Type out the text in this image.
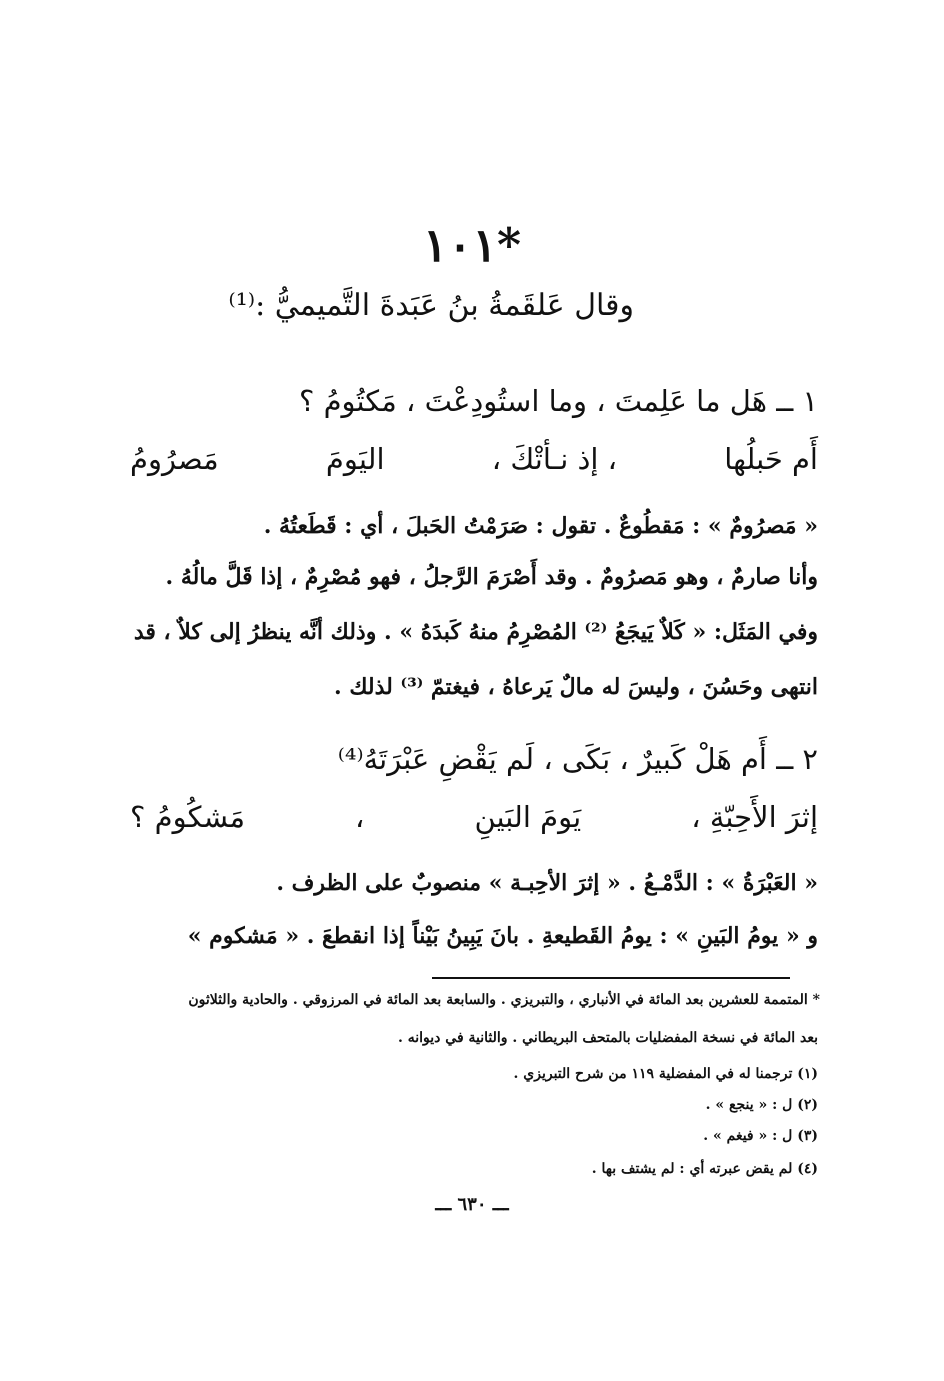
١٠١*
وقال عَلقَمةُ بنُ عَبَدةَ التَّميميُّ :⁽¹⁾
١ ــ هَل ما عَلِمتَ ، وما استُودِعْتَ ، مَكتُومُ ؟
أَم حَبلُها
، إذ نـأتْكَ ،
اليَومَ
مَصرُومُ
« مَصرُومٌ » : مَقطُوعٌ . تقول : صَرَمْتُ الحَبلَ ، أي : قَطَعتُهُ .
وأنا صارمٌ ، وهو مَصرُومٌ . وقد أَصْرَمَ الرَّجلُ ، فهو مُصْرِمٌ ، إذا قَلَّ مالُهُ .
وفي المَثَل: « كَلاٌ يَيجَعُ ⁽²⁾ المُصْرِمُ منهُ كَبدَهُ » . وذلك أنَّه ينظرُ إلى كلاٌ ، قد
انتهى وحَسُنَ ، وليسَ له مالٌ يَرعاهُ ، فيغتمّ ⁽³⁾ لذلك .
٢ ــ أَم هَلْ كَبيرٌ ، بَكَى ، لَم يَقْضِ عَبْرَتَهُ⁽⁴⁾
إثرَ الأَحِبّةِ ،
يَومَ البَينِ
،
مَشكُومُ ؟
« العَبْرَةُ » : الدَّمْـعُ . « إثرَ الأحِبـة » منصوبٌ على الظرف .
و « يومُ البَينِ » : يومُ القَطيعةِ . بانَ يَبِينُ بَيْناً إذا انقطعَ . « مَشكوم »
* المتممة للعشرين بعد المائة في الأنباري ، والتبريزي . والسابعة بعد المائة في المرزوقي . والحادية والثلاثون
بعد المائة في نسخة المفضليات بالمتحف البريطاني . والثانية في ديوانه .
(١) ترجمنا له في المفضلية ١١٩ من شرح التبريزي .
(٢) ل : « ينجع » .
(٣) ل : « فيغم » .
(٤) لم يقض عبرته أي : لم يشتف بها .
ـــ ٦٣٠ ـــ
